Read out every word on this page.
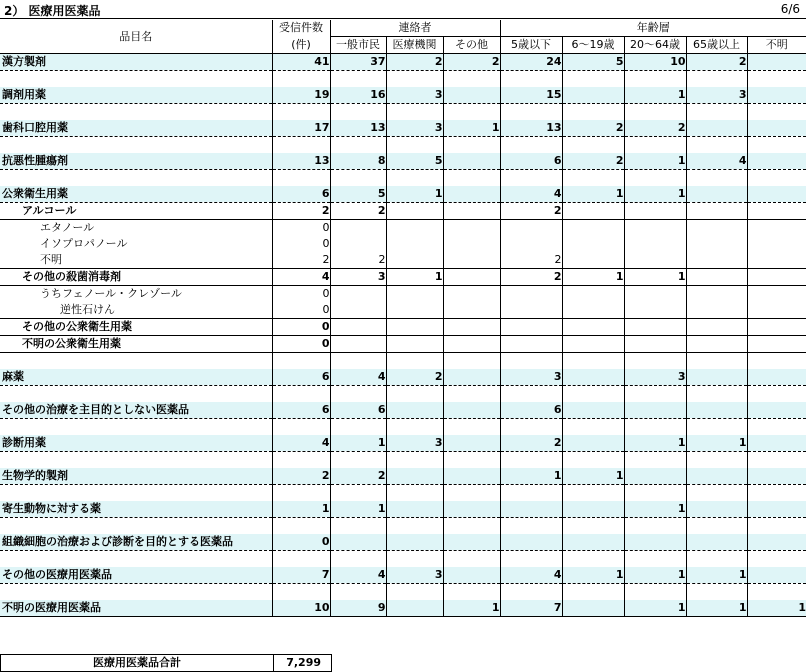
2） 医療用医薬品	6/6
品目名	受信件数	連絡者			年齢層				
	(件)	一般市民	医療機関	その他	5歳以下	6～19歳	20～64歳	65歳以上	不明
漢方製剤	41	37	2	2	24	5	10	2	

調剤用薬	19	16	3		15		1	3	

歯科口腔用薬	17	13	3	1	13	2	2		

抗悪性腫瘍剤	13	8	5		6	2	1	4	

公衆衛生用薬	6	5	1		4	1	1		
アルコール	2	2			2				
エタノール	0								
イソプロパノール	0								
不明	2	2			2				
その他の殺菌消毒剤	4	3	1		2	1	1		
うちフェノール・クレゾール	0								
逆性石けん	0								
その他の公衆衛生用薬	0								
不明の公衆衛生用薬	0								

麻薬	6	4	2		3		3		

その他の治療を主目的としない医薬品	6	6			6				

診断用薬	4	1	3		2		1	1	

生物学的製剤	2	2			1	1			

寄生動物に対する薬	1	1					1		

組織細胞の治療および診断を目的とする医薬品	0								

その他の医療用医薬品	7	4	3		4	1	1	1	

不明の医療用医薬品	10	9		1	7		1	1	1
医療用医薬品合計	7,299
